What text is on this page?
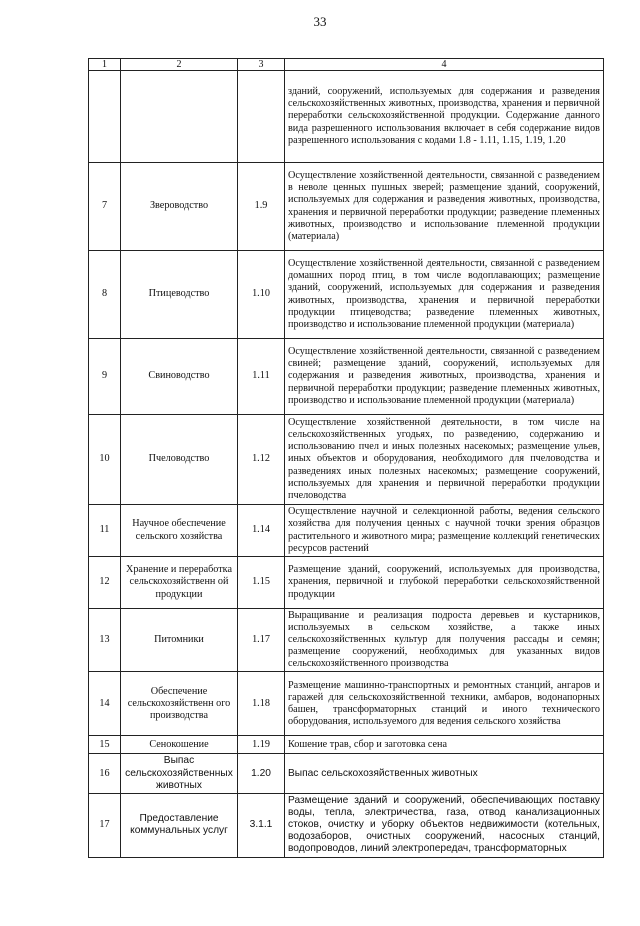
33
1	2	3	4
			зданий, сооружений, используемых для содержания и разведения сельскохозяйственных животных, производства, хранения и первичной переработки сельскохозяйственной продукции. Содержание данного вида разрешенного использования включает в себя содержание видов разрешенного использования с кодами 1.8 - 1.11, 1.15, 1.19, 1.20
7	Звероводство	1.9	Осуществление хозяйственной деятельности, связанной с разведением в неволе ценных пушных зверей; размещение зданий, сооружений, используемых для содержания и разведения животных, производства, хранения и первичной переработки продукции; разведение племенных животных, производство и использование племенной продукции (материала)
8	Птицеводство	1.10	Осуществление хозяйственной деятельности, связанной с разведением домашних пород птиц, в том числе водоплавающих; размещение зданий, сооружений, используемых для содержания и разведения животных, производства, хранения и первичной переработки продукции птицеводства; разведение племенных животных, производство и использование племенной продукции (материала)
9	Свиноводство	1.11	Осуществление хозяйственной деятельности, связанной с разведением свиней; размещение зданий, сооружений, используемых для содержания и разведения животных, производства, хранения и первичной переработки продукции; разведение племенных животных, производство и использование племенной продукции (материала)
10	Пчеловодство	1.12	Осуществление хозяйственной деятельности, в том числе на сельскохозяйственных угодьях, по разведению, содержанию и использованию пчел и иных полезных насекомых; размещение ульев, иных объектов и оборудования, необходимого для пчеловодства и разведениях иных полезных насекомых; размещение сооружений, используемых для хранения и первичной переработки продукции пчеловодства
11	Научное обеспечение сельского хозяйства	1.14	Осуществление научной и селекционной работы, ведения сельского хозяйства для получения ценных с научной точки зрения образцов растительного и животного мира; размещение коллекций генетических ресурсов растений
12	Хранение и переработка сельскохозяйственн ой продукции	1.15	Размещение зданий, сооружений, используемых для производства, хранения, первичной и глубокой переработки сельскохозяйственной продукции
13	Питомники	1.17	Выращивание и реализация подроста деревьев и кустарников, используемых в сельском хозяйстве, а также иных сельскохозяйственных культур для получения рассады и семян; размещение сооружений, необходимых для указанных видов сельскохозяйственного производства
14	Обеспечение сельскохозяйственн ого производства	1.18	Размещение машинно-транспортных и ремонтных станций, ангаров и гаражей для сельскохозяйственной техники, амбаров, водонапорных башен, трансформаторных станций и иного технического оборудования, используемого для ведения сельского хозяйства
15	Сенокошение	1.19	Кошение трав, сбор и заготовка сена
16	Выпас сельскохозяйственных животных	1.20	Выпас сельскохозяйственных животных
17	Предоставление коммунальных услуг	3.1.1	Размещение зданий и сооружений, обеспечивающих поставку воды, тепла, электричества, газа, отвод канализационных стоков, очистку и уборку объектов недвижимости (котельных, водозаборов, очистных сооружений, насосных станций, водопроводов, линий электропередач, трансформаторных
